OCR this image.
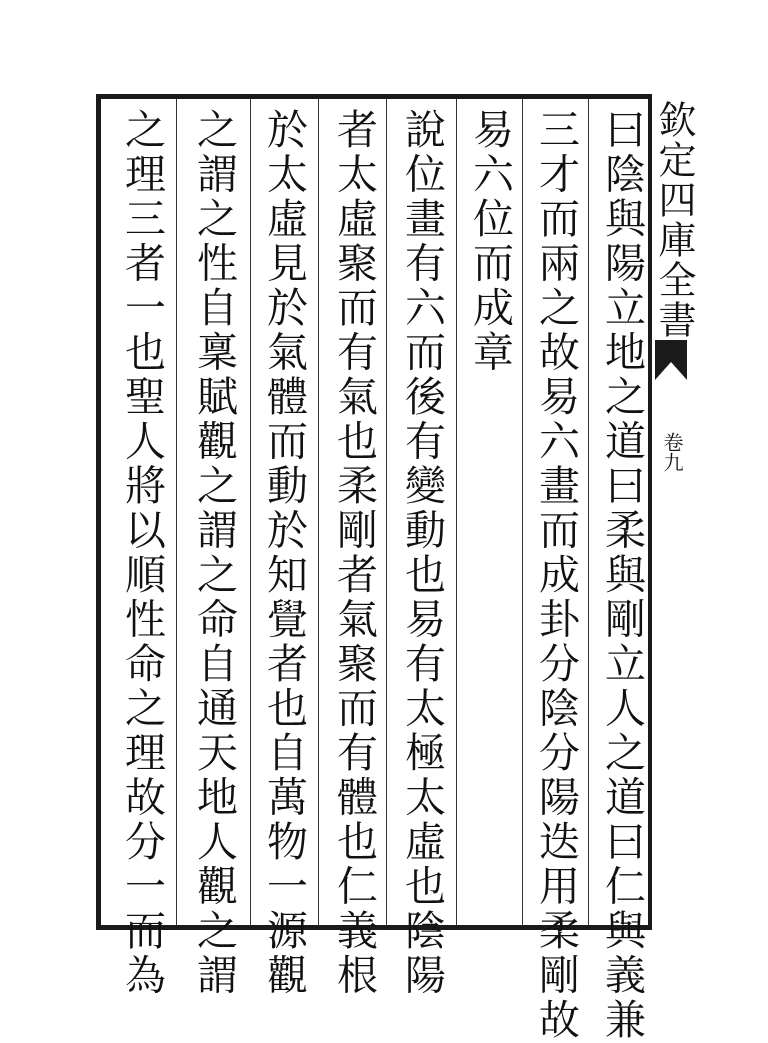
曰陰與陽立地之道曰柔與剛立人之道曰仁與義兼
三才而兩之故易六畫而成卦分陰分陽迭用柔剛故
易六位而成章
說位畫有六而後有變動也易有太極太虛也陰陽
者太虛聚而有氣也柔剛者氣聚而有體也仁義根
於太虛見於氣體而動於知覺者也自萬物一源觀
之謂之性自稟賦觀之謂之命自通天地人觀之謂
之理三者一也聖人將以順性命之理故分一而為	欽定四庫全書
卷九
